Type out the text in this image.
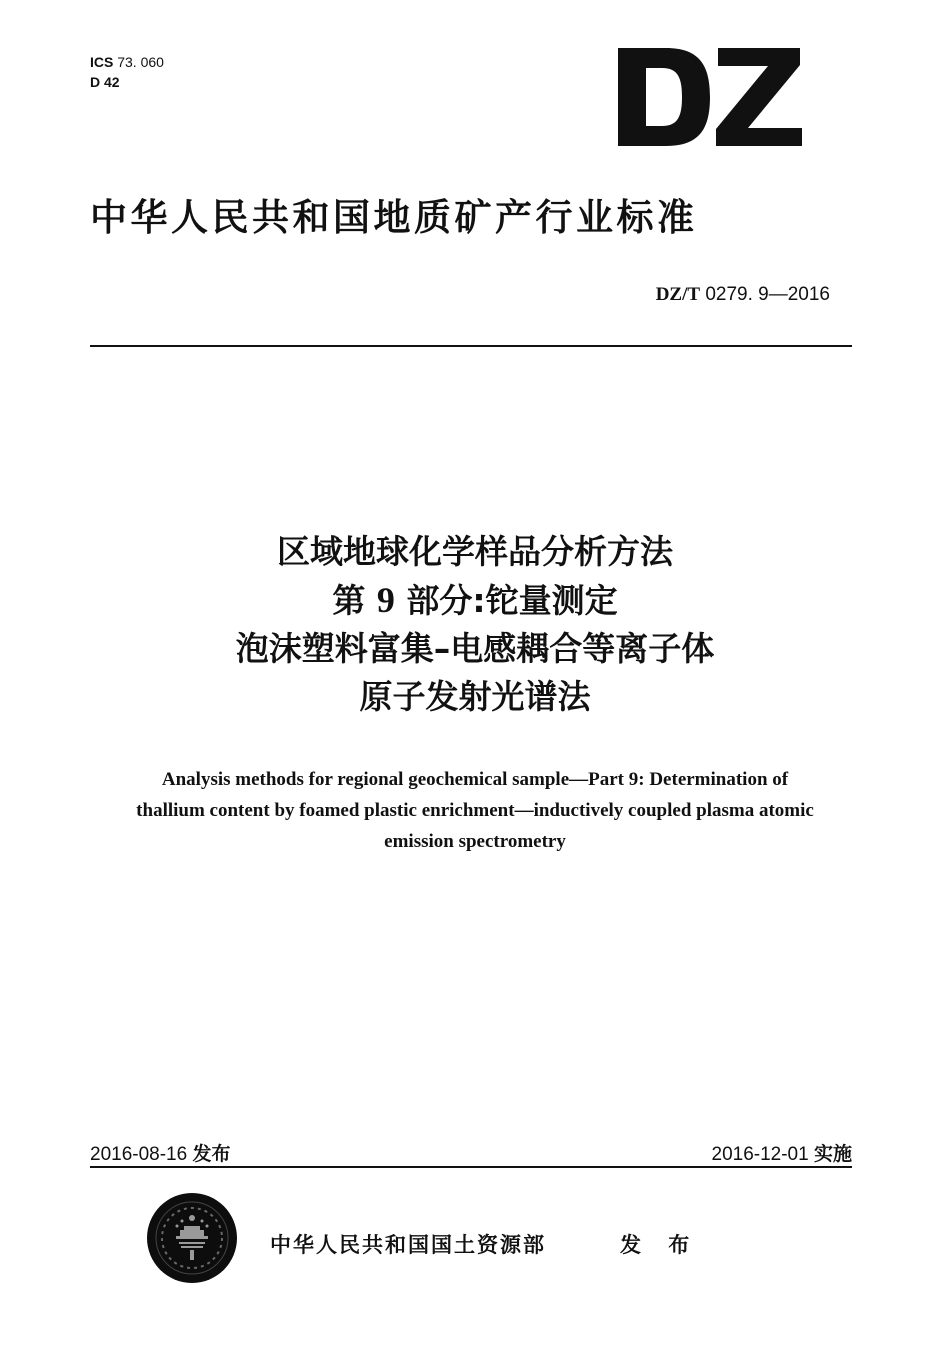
ICS 73. 060
D 42
中华人民共和国地质矿产行业标准
DZ/T 0279. 9—2016
区域地球化学样品分析方法
第 9 部分:铊量测定
泡沫塑料富集–电感耦合等离子体
原子发射光谱法
Analysis methods for regional geochemical sample—Part 9: Determination of
thallium content by foamed plastic enrichment—inductively coupled plasma atomic
emission spectrometry
2016-08-16 发布	2016-12-01 实施
中华人民共和国国土资源部	发 布
